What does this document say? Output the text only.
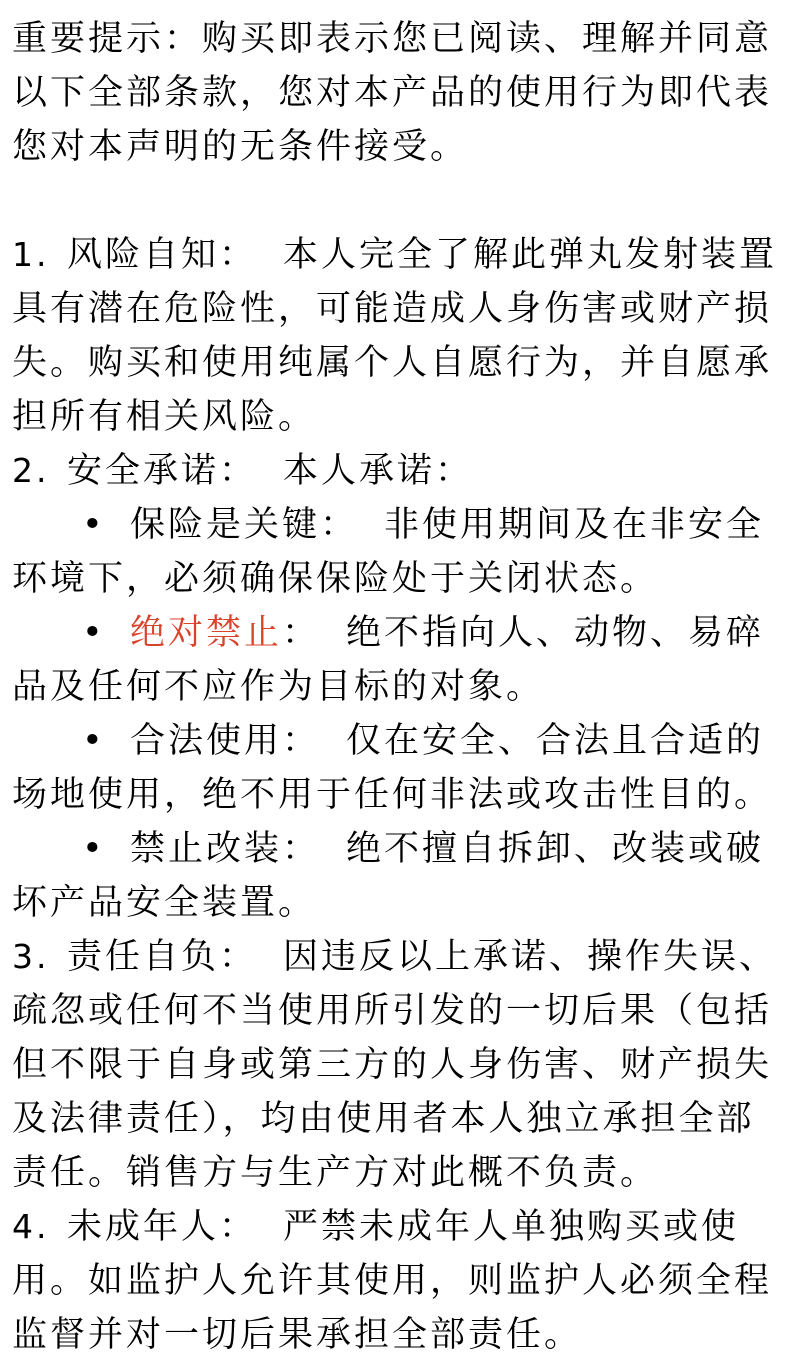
重要提示：购买即表示您已阅读、理解并同意以下全部条款，您对本产品的使用行为即代表您对本声明的无条件接受。

1. 风险自知： 本人完全了解此弹丸发射装置具有潜在危险性，可能造成人身伤害或财产损失。购买和使用纯属个人自愿行为，并自愿承担所有相关风险。

2. 安全承诺： 本人承诺：

• 保险是关键： 非使用期间及在非安全环境下，必须确保保险处于关闭状态。

• 绝对禁止： 绝不指向人、动物、易碎品及任何不应作为目标的对象。

• 合法使用： 仅在安全、合法且合适的场地使用，绝不用于任何非法或攻击性目的。

• 禁止改装： 绝不擅自拆卸、改装或破坏产品安全装置。

3. 责任自负： 因违反以上承诺、操作失误、疏忽或任何不当使用所引发的一切后果（包括但不限于自身或第三方的人身伤害、财产损失及法律责任），均由使用者本人独立承担全部责任。销售方与生产方对此概不负责。

4. 未成年人： 严禁未成年人单独购买或使用。如监护人允许其使用，则监护人必须全程监督并对一切后果承担全部责任。
